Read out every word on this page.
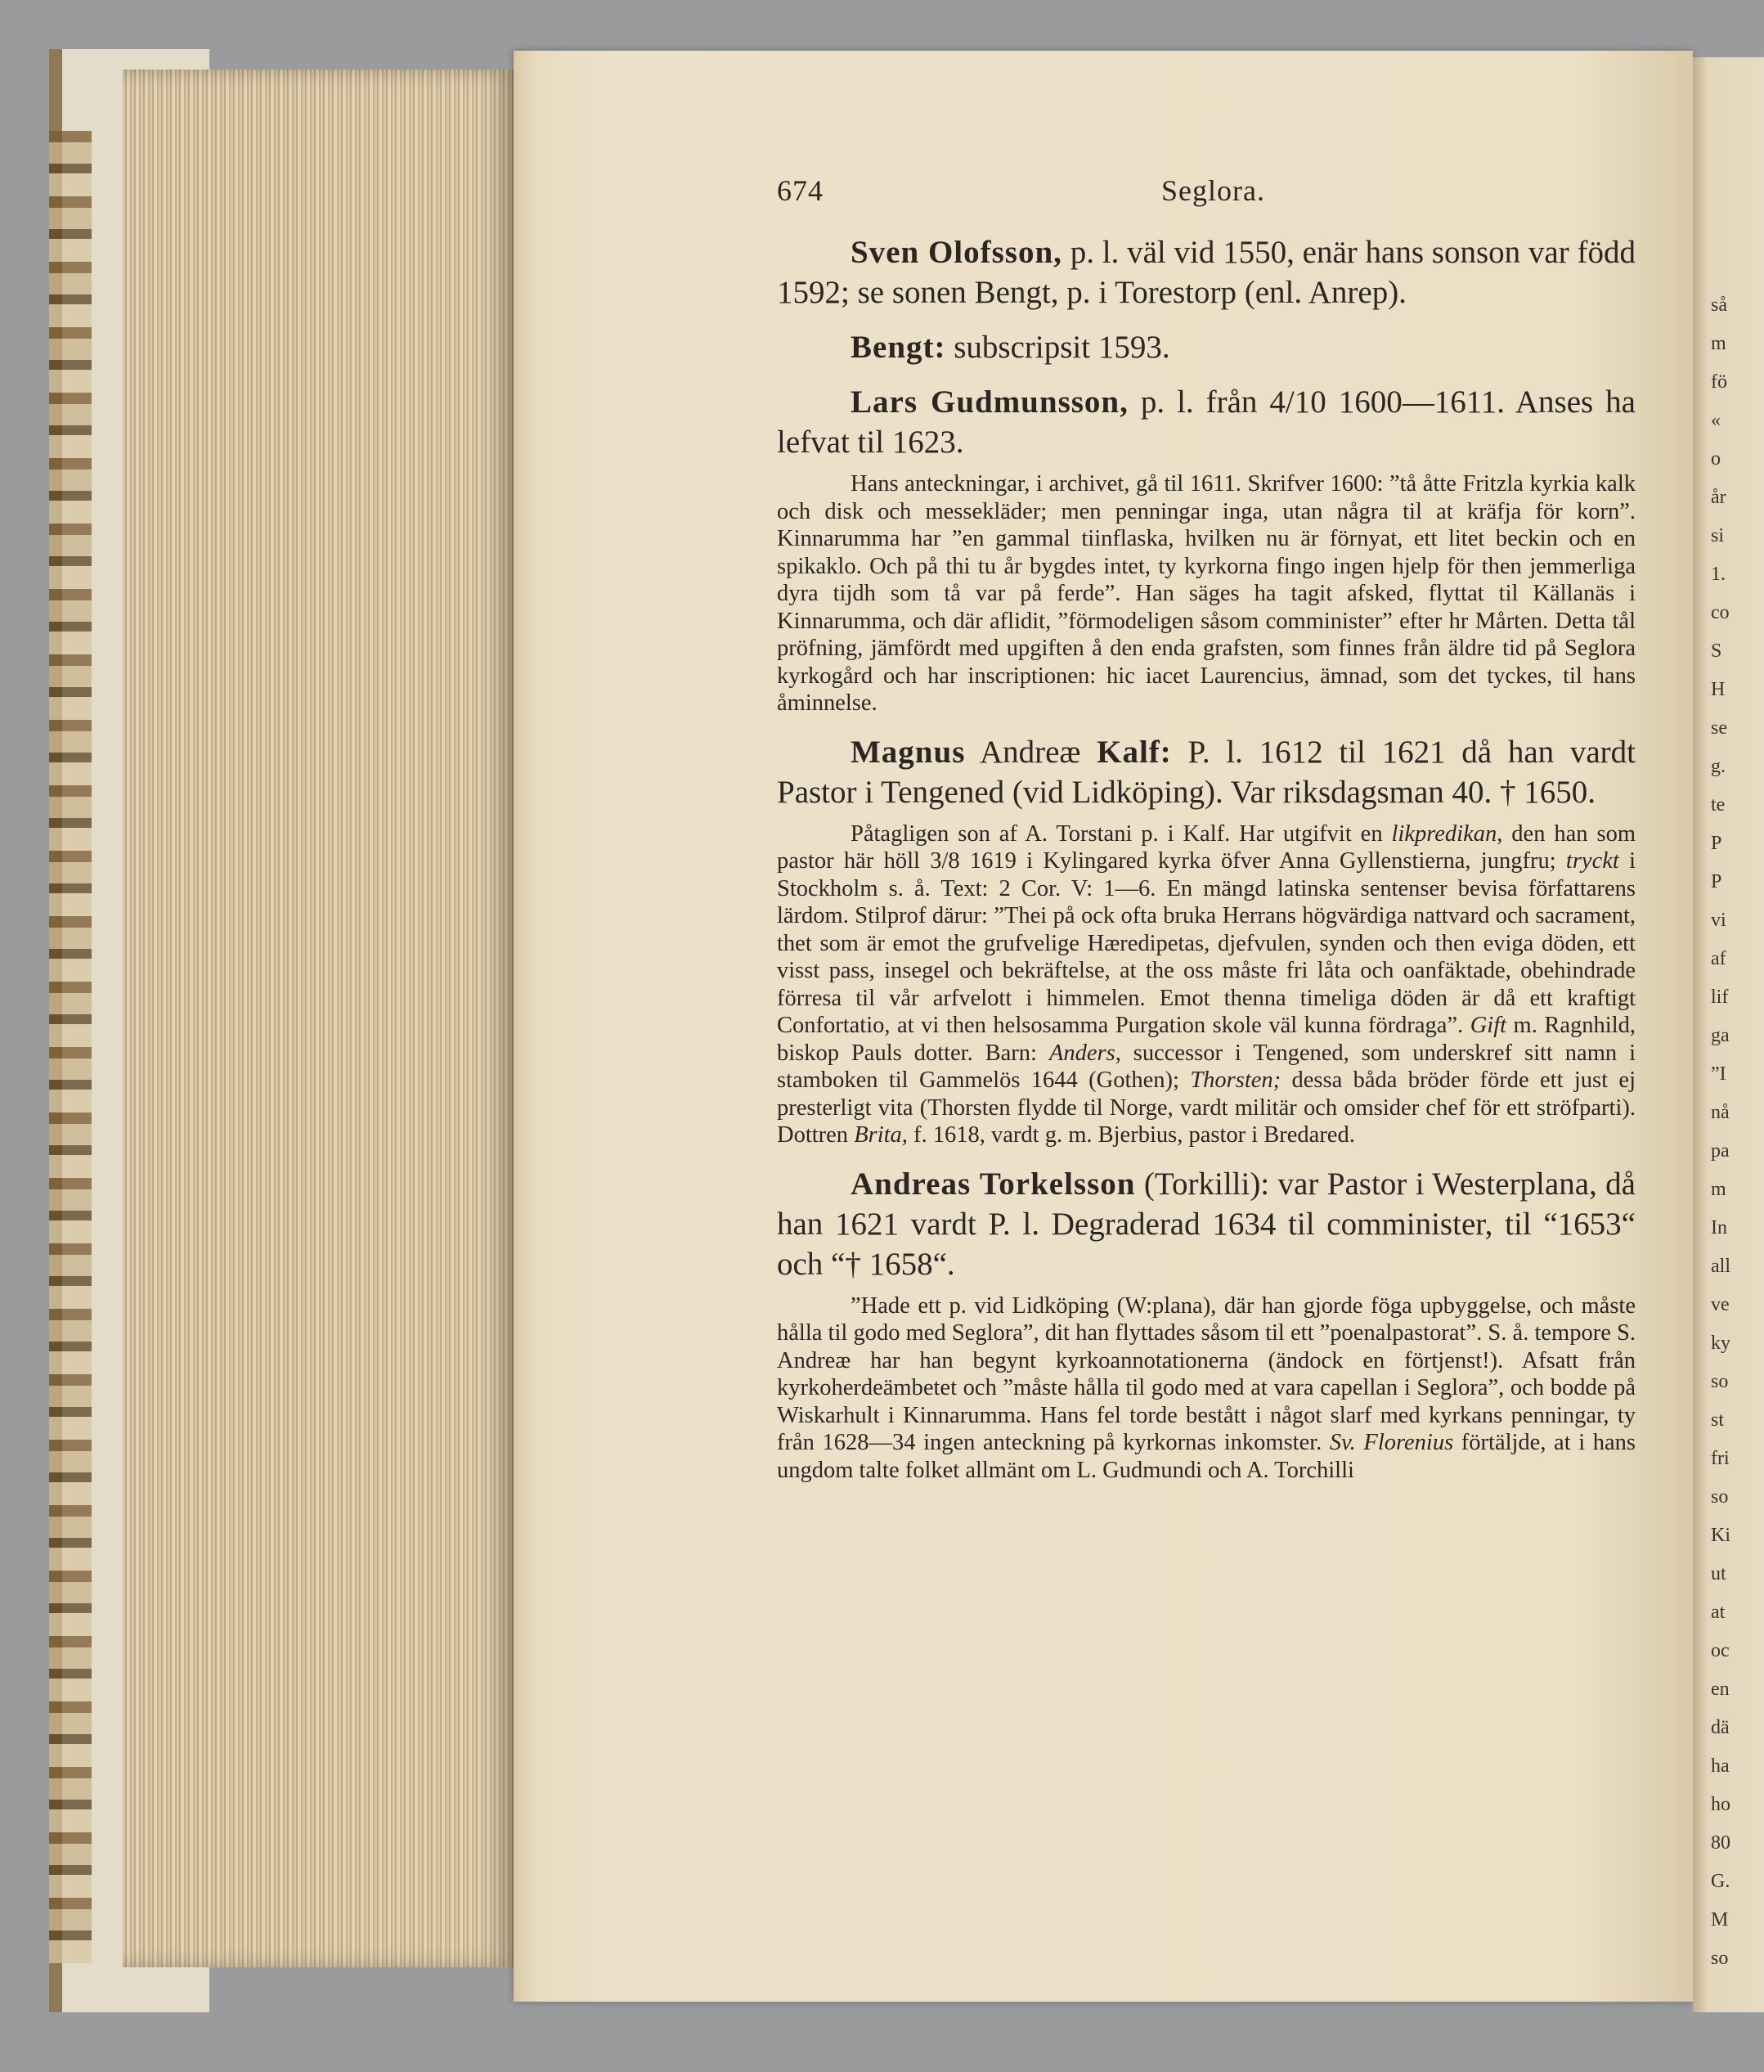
så
m
fö
«
o
år
si
1.
co
S
H
se
g.
te
P
P
vi
af
lif
ga
”I
nå
pa
m
In
all
ve
ky
so
st
fri
so
Ki
ut
at
oc
en
dä
ha
ho
80
G.
M
so
674	Seglora.

Sven Olofsson, p. l. väl vid 1550, enär hans sonson var född 1592; se sonen Bengt, p. i Torestorp (enl. Anrep).

Bengt: subscripsit 1593.

Lars Gudmunsson, p. l. från 4/10 1600—1611. Anses ha lefvat til 1623.

Hans anteckningar, i archivet, gå til 1611. Skrifver 1600: ”tå åtte Fritzla kyrkia kalk och disk och messekläder; men penningar inga, utan några til at kräfja för korn”. Kinnarumma har ”en gammal tiinflaska, hvilken nu är förnyat, ett litet beckin och en spikaklo. Och på thi tu år bygdes intet, ty kyrkorna fingo ingen hjelp för then jemmerliga dyra tijdh som tå var på ferde”. Han säges ha tagit afsked, flyttat til Källanäs i Kinnarumma, och där aflidit, ”förmodeligen såsom comminister” efter hr Mårten. Detta tål pröfning, jämfördt med upgiften å den enda grafsten, som finnes från äldre tid på Seglora kyrkogård och har inscriptionen: hic iacet Laurencius, ämnad, som det tyckes, til hans åminnelse.

Magnus Andreæ Kalf: P. l. 1612 til 1621 då han vardt Pastor i Tengened (vid Lidköping). Var riksdagsman 40. † 1650.

Påtagligen son af A. Torstani p. i Kalf. Har utgifvit en likpredikan, den han som pastor här höll 3/8 1619 i Kylingared kyrka öfver Anna Gyllenstierna, jungfru; tryckt i Stockholm s. å. Text: 2 Cor. V: 1—6. En mängd latinska sentenser bevisa författarens lärdom. Stilprof därur: ”Thei på ock ofta bruka Herrans högvärdiga nattvard och sacrament, thet som är emot the grufvelige Hæredipetas, djefvulen, synden och then eviga döden, ett visst pass, insegel och bekräftelse, at the oss måste fri låta och oanfäktade, obehindrade förresa til vår arfvelott i himmelen. Emot thenna timeliga döden är då ett kraftigt Confortatio, at vi then helsosamma Purgation skole väl kunna fördraga”. Gift m. Ragnhild, biskop Pauls dotter. Barn: Anders, successor i Tengened, som underskref sitt namn i stamboken til Gammelös 1644 (Gothen); Thorsten; dessa båda bröder förde ett just ej presterligt vita (Thorsten flydde til Norge, vardt militär och omsider chef för ett ströfparti). Dottren Brita, f. 1618, vardt g. m. Bjerbius, pastor i Bredared.

Andreas Torkelsson (Torkilli): var Pastor i Westerplana, då han 1621 vardt P. l. Degraderad 1634 til comminister, til “1653“ och “† 1658“.

”Hade ett p. vid Lidköping (W:plana), där han gjorde föga upbyggelse, och måste hålla til godo med Seglora”, dit han flyttades såsom til ett ”poenalpastorat”. S. å. tempore S. Andreæ har han begynt kyrkoannotationerna (ändock en förtjenst!). Afsatt från kyrkoherdeämbetet och ”måste hålla til godo med at vara capellan i Seglora”, och bodde på Wiskarhult i Kinnarumma. Hans fel torde bestått i något slarf med kyrkans penningar, ty från 1628—34 ingen anteckning på kyrkornas inkomster. Sv. Florenius förtäljde, at i hans ungdom talte folket allmänt om L. Gudmundi och A. Torchilli
